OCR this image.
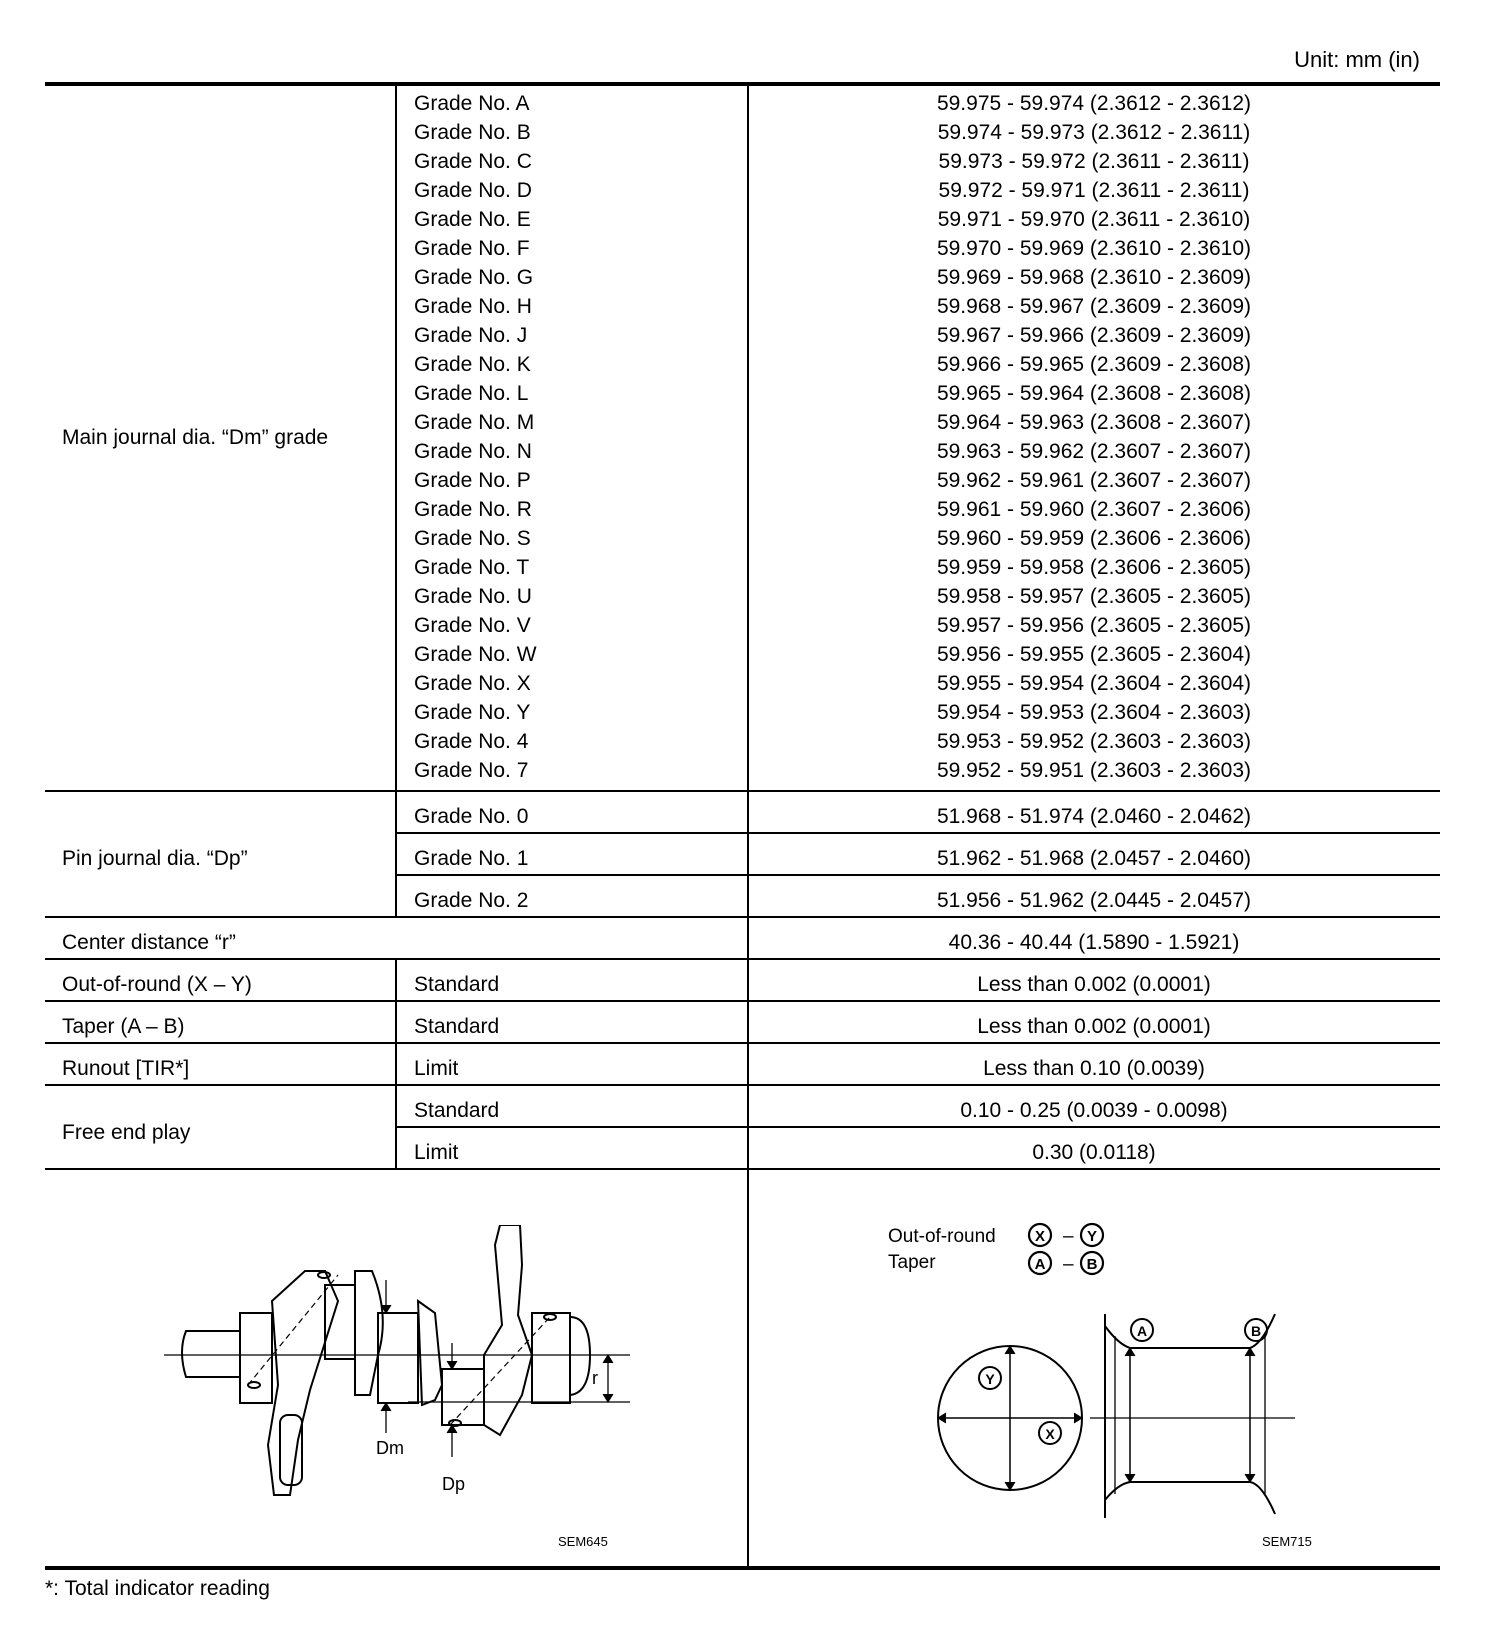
Unit: mm (in)
Main journal dia. “Dm” grade
Grade No. A	59.975 - 59.974 (2.3612 - 2.3612)
Grade No. B	59.974 - 59.973 (2.3612 - 2.3611)
Grade No. C	59.973 - 59.972 (2.3611 - 2.3611)
Grade No. D	59.972 - 59.971 (2.3611 - 2.3611)
Grade No. E	59.971 - 59.970 (2.3611 - 2.3610)
Grade No. F	59.970 - 59.969 (2.3610 - 2.3610)
Grade No. G	59.969 - 59.968 (2.3610 - 2.3609)
Grade No. H	59.968 - 59.967 (2.3609 - 2.3609)
Grade No. J	59.967 - 59.966 (2.3609 - 2.3609)
Grade No. K	59.966 - 59.965 (2.3609 - 2.3608)
Grade No. L	59.965 - 59.964 (2.3608 - 2.3608)
Grade No. M	59.964 - 59.963 (2.3608 - 2.3607)
Grade No. N	59.963 - 59.962 (2.3607 - 2.3607)
Grade No. P	59.962 - 59.961 (2.3607 - 2.3607)
Grade No. R	59.961 - 59.960 (2.3607 - 2.3606)
Grade No. S	59.960 - 59.959 (2.3606 - 2.3606)
Grade No. T	59.959 - 59.958 (2.3606 - 2.3605)
Grade No. U	59.958 - 59.957 (2.3605 - 2.3605)
Grade No. V	59.957 - 59.956 (2.3605 - 2.3605)
Grade No. W	59.956 - 59.955 (2.3605 - 2.3604)
Grade No. X	59.955 - 59.954 (2.3604 - 2.3604)
Grade No. Y	59.954 - 59.953 (2.3604 - 2.3603)
Grade No. 4	59.953 - 59.952 (2.3603 - 2.3603)
Grade No. 7	59.952 - 59.951 (2.3603 - 2.3603)
Pin journal dia. “Dp”
Grade No. 0	51.968 - 51.974 (2.0460 - 2.0462)
Grade No. 1	51.962 - 51.968 (2.0457 - 2.0460)
Grade No. 2	51.956 - 51.962 (2.0445 - 2.0457)
Center distance “r”	40.36 - 40.44 (1.5890 - 1.5921)
Out-of-round (X – Y)	Standard	Less than 0.002 (0.0001)
Taper (A – B)	Standard	Less than 0.002 (0.0001)
Runout [TIR*]	Limit	Less than 0.10 (0.0039)
Free end play
Standard	0.10 - 0.25 (0.0039 - 0.0098)
Limit	0.30 (0.0118)
r
Dm
Dp
SEM645
Out-of-round
Taper
X – Y
A – B
Y
X
A	B
SEM715
*: Total indicator reading
